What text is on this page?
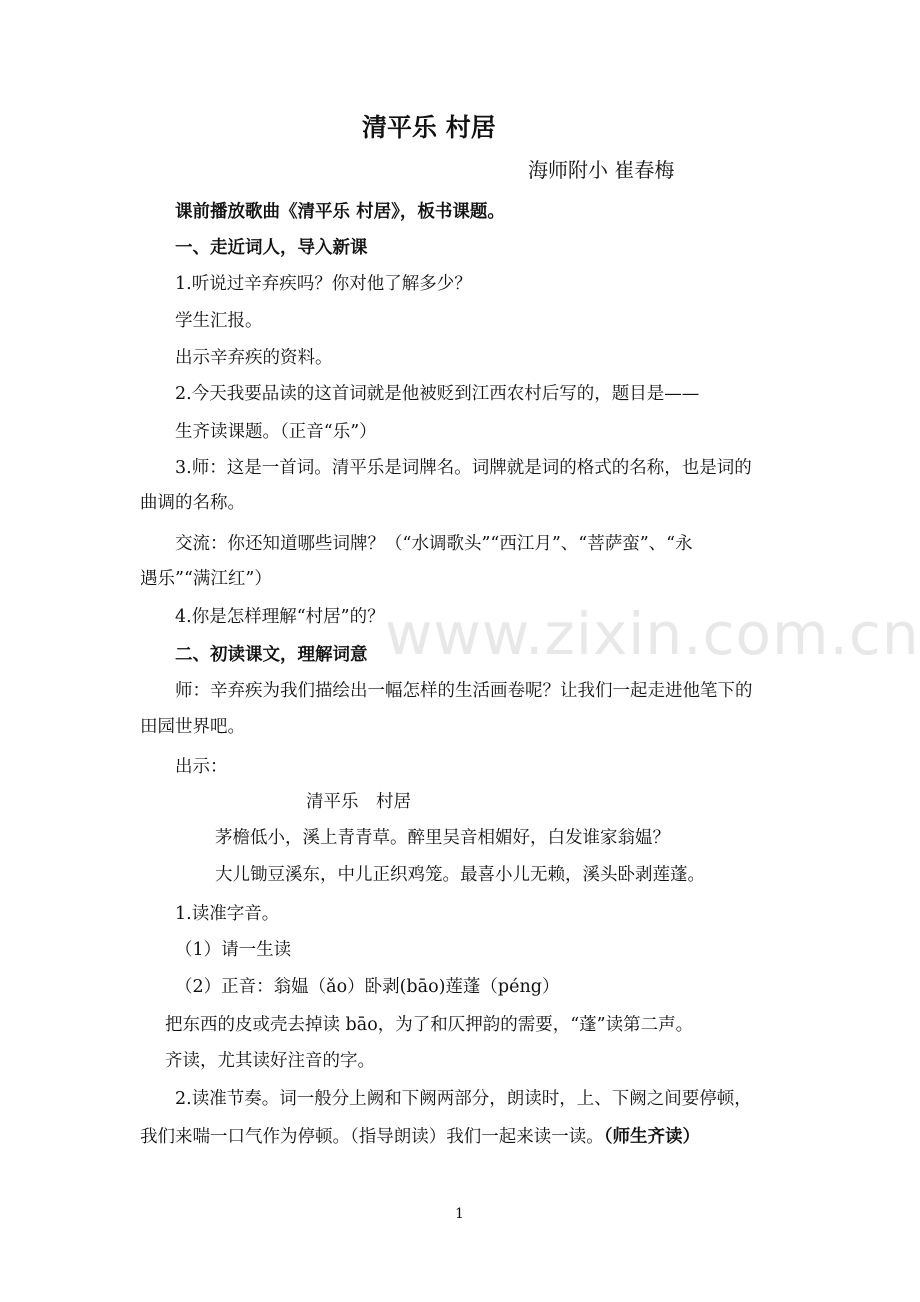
清平乐 村居
海师附小 崔春梅
课前播放歌曲《清平乐 村居》，板书课题。
一、走近词人，导入新课
1.听说过辛弃疾吗？你对他了解多少？
学生汇报。
出示辛弃疾的资料。
2.今天我要品读的这首词就是他被贬到江西农村后写的，题目是——
生齐读课题。（正音“乐”）
3.师：这是一首词。清平乐是词牌名。词牌就是词的格式的名称，也是词的
曲调的名称。
交流：你还知道哪些词牌？（“水调歌头”“西江月”、“菩萨蛮”、“永
遇乐”“满江红”）
4.你是怎样理解“村居”的？
二、初读课文，理解词意
师：辛弃疾为我们描绘出一幅怎样的生活画卷呢？让我们一起走进他笔下的
田园世界吧。
出示：
清平乐　村居
茅檐低小，溪上青青草。醉里吴音相媚好，白发谁家翁媪？
大儿锄豆溪东，中儿正织鸡笼。最喜小儿无赖，溪头卧剥莲蓬。
1.读准字音。
（1）请一生读
（2）正音：翁媪（ǎo）卧剥(bāo)莲蓬（péng）
把东西的皮或壳去掉读 bāo，为了和仄押韵的需要，“蓬”读第二声。
齐读，尤其读好注音的字。
2.读准节奏。词一般分上阙和下阙两部分，朗读时，上、下阙之间要停顿，
我们来喘一口气作为停顿。（指导朗读）我们一起来读一读。（师生齐读）
www.zixin.com.cn
1
